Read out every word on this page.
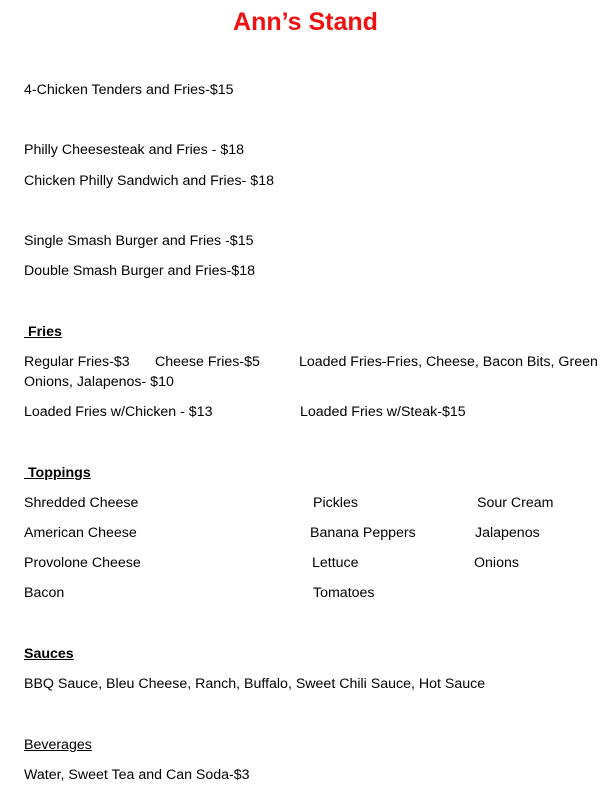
Ann’s Stand
4-Chicken Tenders and Fries-$15
Philly Cheesesteak and Fries - $18
Chicken Philly Sandwich and Fries- $18
Single Smash Burger and Fries -$15
Double Smash Burger and Fries-$18
Fries
Regular Fries-$3 Cheese Fries-$5	Loaded Fries-Fries, Cheese, Bacon Bits, Green
Onions, Jalapenos- $10
Loaded Fries w/Chicken - $13	Loaded Fries w/Steak-$15
Toppings
Shredded Cheese
American Cheese
Provolone Cheese
Bacon
Pickles
Banana Peppers
Lettuce
Tomatoes
Sour Cream
Jalapenos
Onions
Sauces
BBQ Sauce, Bleu Cheese, Ranch, Buffalo, Sweet Chili Sauce, Hot Sauce
Beverages
Water, Sweet Tea and Can Soda-$3
